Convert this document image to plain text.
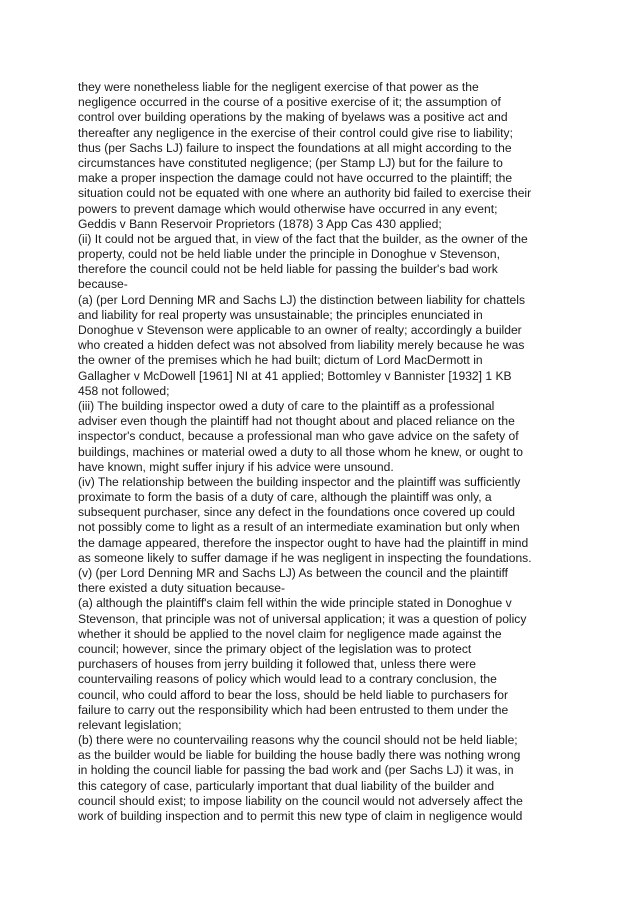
they were nonetheless liable for the negligent exercise of that power as the
negligence occurred in the course of a positive exercise of it; the assumption of
control over building operations by the making of byelaws was a positive act and
thereafter any negligence in the exercise of their control could give rise to liability;
thus (per Sachs LJ) failure to inspect the foundations at all might according to the
circumstances have constituted negligence; (per Stamp LJ) but for the failure to
make a proper inspection the damage could not have occurred to the plaintiff; the
situation could not be equated with one where an authority bid failed to exercise their
powers to prevent damage which would otherwise have occurred in any event;
Geddis v Bann Reservoir Proprietors (1878) 3 App Cas 430 applied;
(ii) It could not be argued that, in view of the fact that the builder, as the owner of the
property, could not be held liable under the principle in Donoghue v Stevenson,
therefore the council could not be held liable for passing the builder's bad work
because-
(a) (per Lord Denning MR and Sachs LJ) the distinction between liability for chattels
and liability for real property was unsustainable; the principles enunciated in
Donoghue v Stevenson were applicable to an owner of realty; accordingly a builder
who created a hidden defect was not absolved from liability merely because he was
the owner of the premises which he had built; dictum of Lord MacDermott in
Gallagher v McDowell [1961] NI at 41 applied; Bottomley v Bannister [1932] 1 KB
458 not followed;
(iii) The building inspector owed a duty of care to the plaintiff as a professional
adviser even though the plaintiff had not thought about and placed reliance on the
inspector's conduct, because a professional man who gave advice on the safety of
buildings, machines or material owed a duty to all those whom he knew, or ought to
have known, might suffer injury if his advice were unsound.
(iv) The relationship between the building inspector and the plaintiff was sufficiently
proximate to form the basis of a duty of care, although the plaintiff was only, a
subsequent purchaser, since any defect in the foundations once covered up could
not possibly come to light as a result of an intermediate examination but only when
the damage appeared, therefore the inspector ought to have had the plaintiff in mind
as someone likely to suffer damage if he was negligent in inspecting the foundations.
(v) (per Lord Denning MR and Sachs LJ) As between the council and the plaintiff
there existed a duty situation because-
(a) although the plaintiff's claim fell within the wide principle stated in Donoghue v
Stevenson, that principle was not of universal application; it was a question of policy
whether it should be applied to the novel claim for negligence made against the
council; however, since the primary object of the legislation was to protect
purchasers of houses from jerry building it followed that, unless there were
countervailing reasons of policy which would lead to a contrary conclusion, the
council, who could afford to bear the loss, should be held liable to purchasers for
failure to carry out the responsibility which had been entrusted to them under the
relevant legislation;
(b) there were no countervailing reasons why the council should not be held liable;
as the builder would be liable for building the house badly there was nothing wrong
in holding the council liable for passing the bad work and (per Sachs LJ) it was, in
this category of case, particularly important that dual liability of the builder and
council should exist; to impose liability on the council would not adversely affect the
work of building inspection and to permit this new type of claim in negligence would
